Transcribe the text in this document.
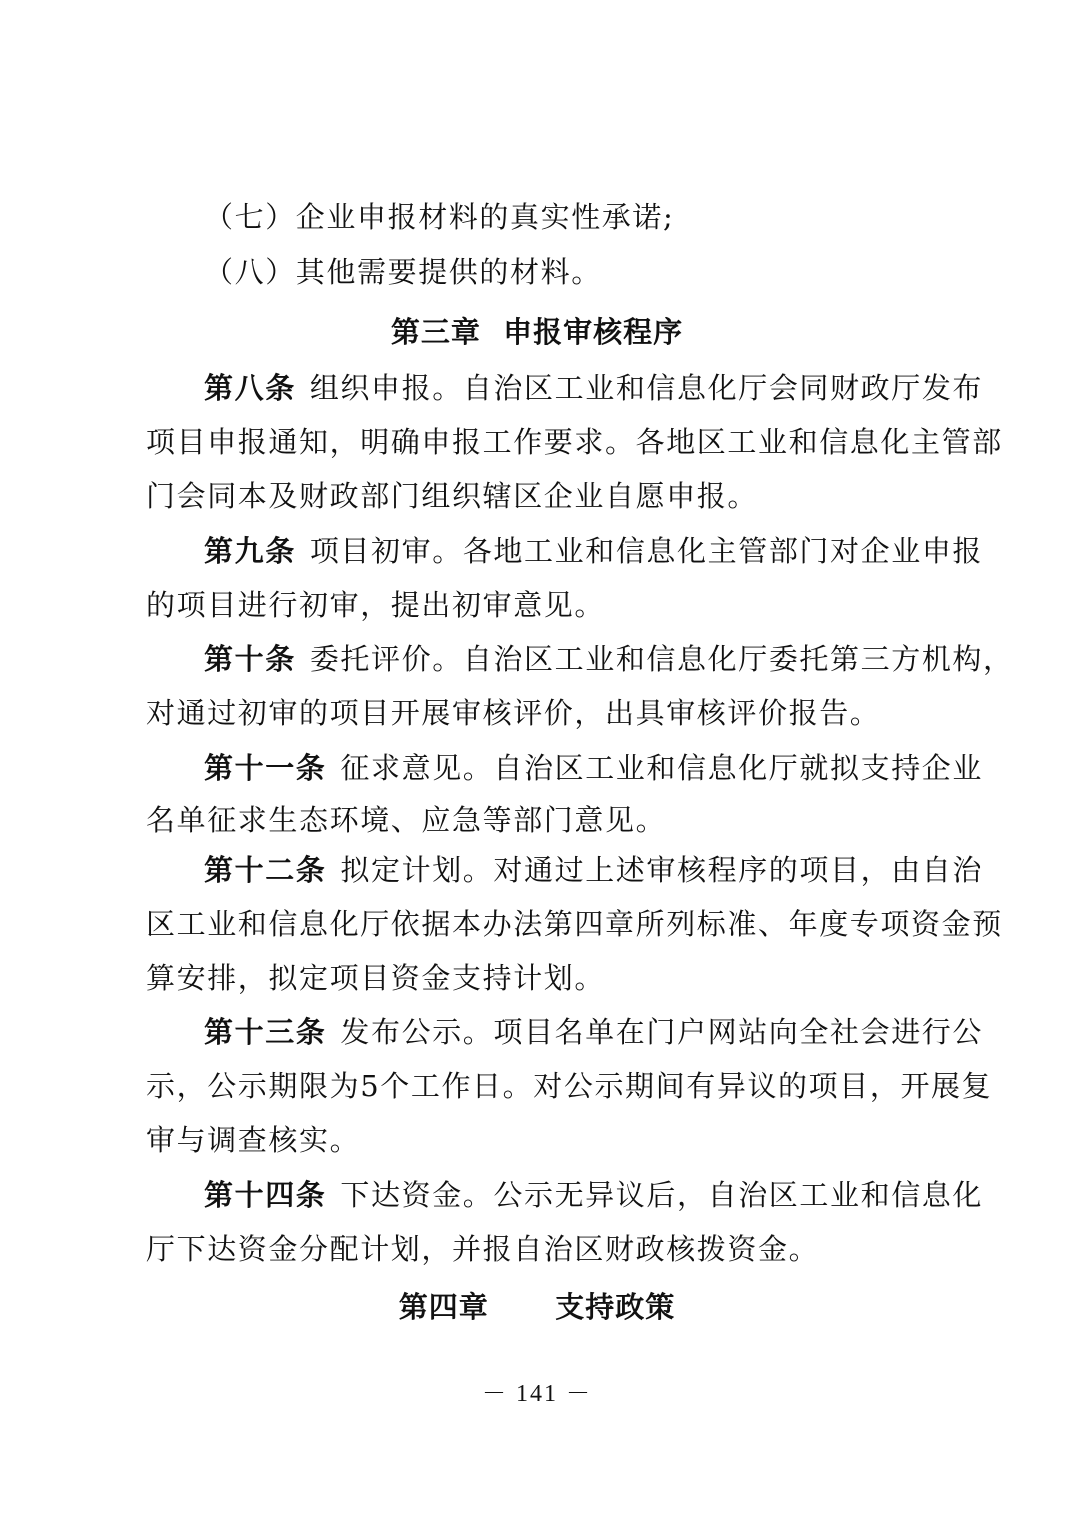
（七）企业申报材料的真实性承诺;
（八）其他需要提供的材料。
第三章  申报审核程序
第八条 组织申报。自治区工业和信息化厅会同财政厅发布
项目申报通知，明确申报工作要求。各地区工业和信息化主管部
门会同本及财政部门组织辖区企业自愿申报。
第九条 项目初审。各地工业和信息化主管部门对企业申报
的项目进行初审，提出初审意见。
第十条 委托评价。自治区工业和信息化厅委托第三方机构，
对通过初审的项目开展审核评价，出具审核评价报告。
第十一条 征求意见。自治区工业和信息化厅就拟支持企业
名单征求生态环境、应急等部门意见。
第十二条 拟定计划。对通过上述审核程序的项目，由自治
区工业和信息化厅依据本办法第四章所列标准、年度专项资金预
算安排，拟定项目资金支持计划。
第十三条 发布公示。项目名单在门户网站向全社会进行公
示，公示期限为5个工作日。对公示期间有异议的项目，开展复
审与调查核实。
第十四条 下达资金。公示无异议后，自治区工业和信息化
厅下达资金分配计划，并报自治区财政核拨资金。
第四章      支持政策
－ 141 －
